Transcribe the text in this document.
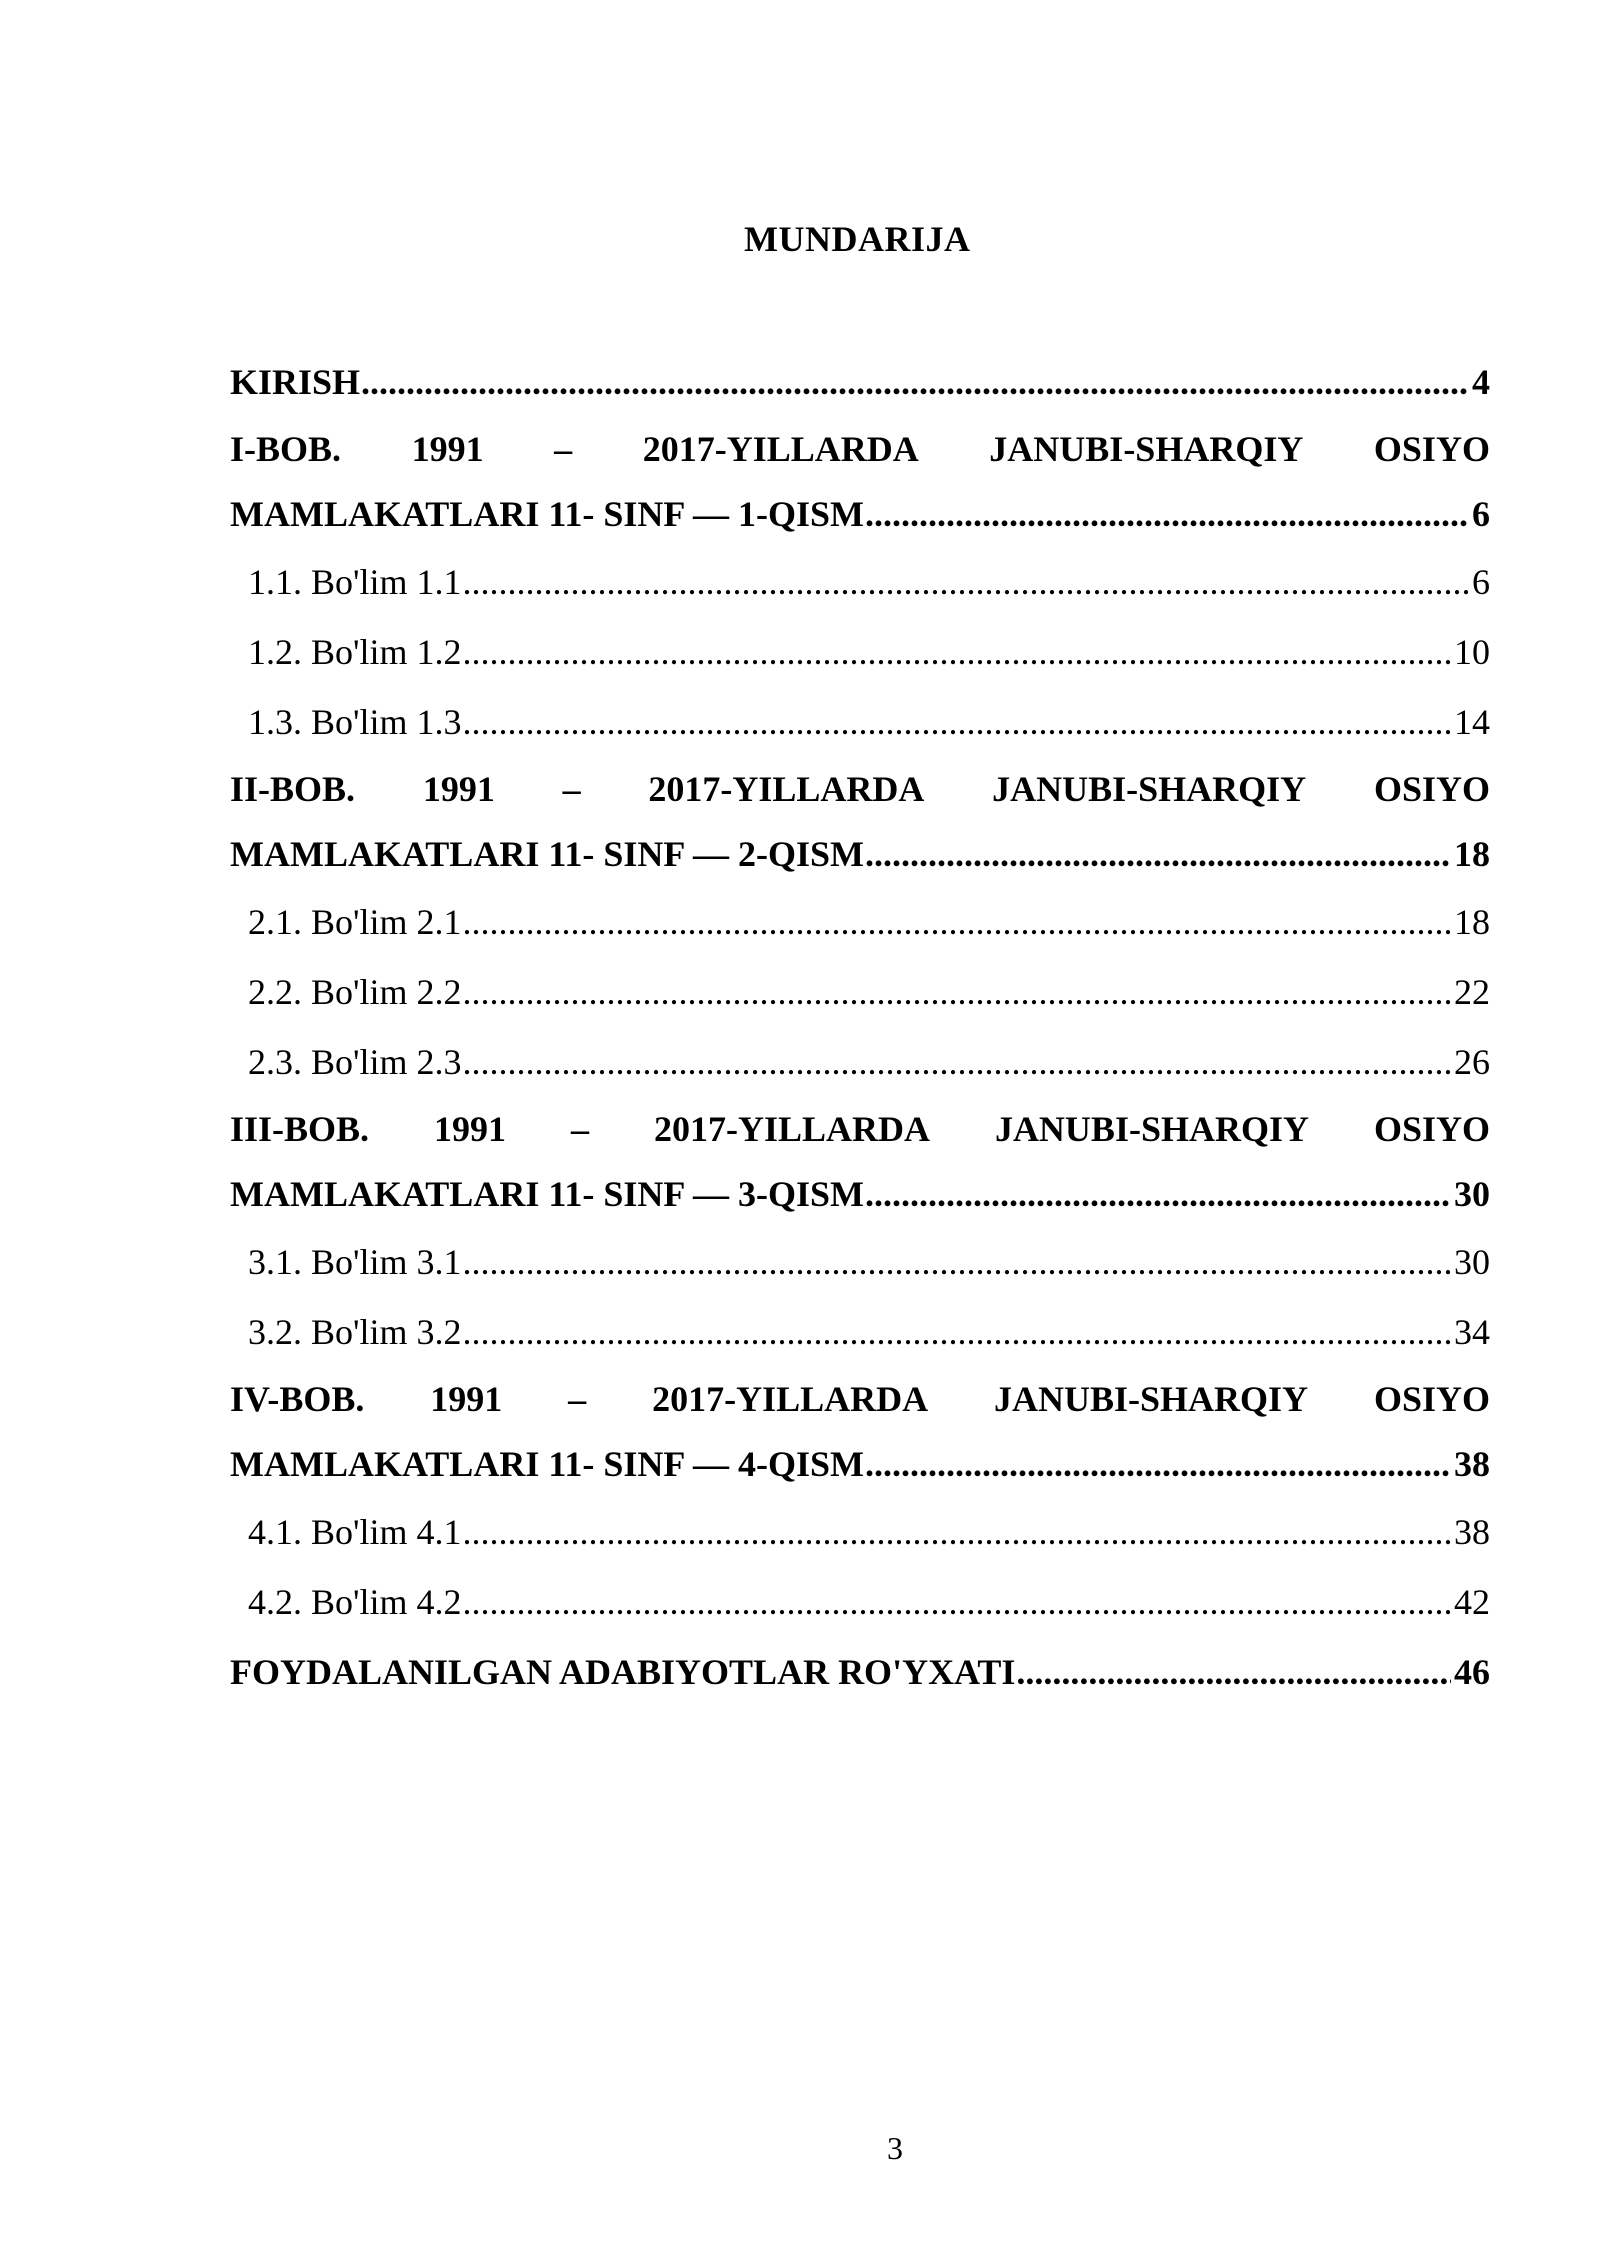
MUNDARIJA
KIRISH .....	4
I-BOB. 1991 – 2017-YILLARDA JANUBI-SHARQIY OSIYO
MAMLAKATLARI 11- SINF — 1-QISM .....	6
1.1. Bo'lim 1.1 .....	6
1.2. Bo'lim 1.2 .....	10
1.3. Bo'lim 1.3 .....	14
II-BOB. 1991 – 2017-YILLARDA JANUBI-SHARQIY OSIYO
MAMLAKATLARI 11- SINF — 2-QISM .....	18
2.1. Bo'lim 2.1 .....	18
2.2. Bo'lim 2.2 .....	22
2.3. Bo'lim 2.3 .....	26
III-BOB. 1991 – 2017-YILLARDA JANUBI-SHARQIY OSIYO
MAMLAKATLARI 11- SINF — 3-QISM .....	30
3.1. Bo'lim 3.1 .....	30
3.2. Bo'lim 3.2 .....	34
IV-BOB. 1991 – 2017-YILLARDA JANUBI-SHARQIY OSIYO
MAMLAKATLARI 11- SINF — 4-QISM .....	38
4.1. Bo'lim 4.1 .....	38
4.2. Bo'lim 4.2 .....	42
FOYDALANILGAN ADABIYOTLAR RO'YXATI .....	46
3
